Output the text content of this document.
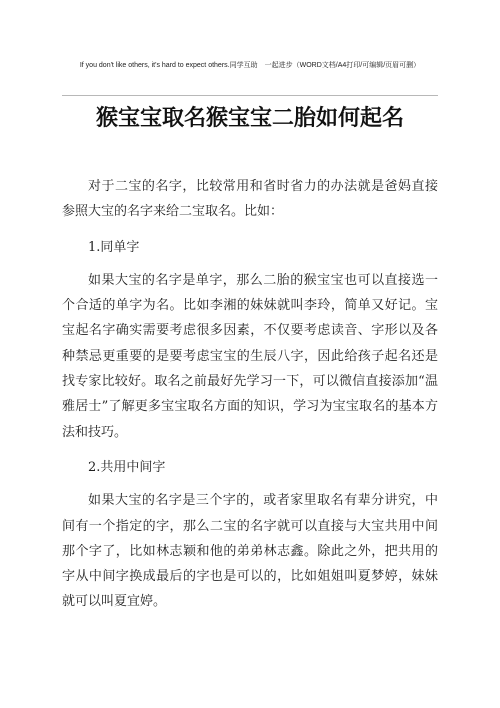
If you don't like others, it's hard to expect others.同学互助　一起进步（WORD文档/A4打印/可编辑/页眉可删）
猴宝宝取名猴宝宝二胎如何起名

对于二宝的名字，比较常用和省时省力的办法就是爸妈直接参照大宝的名字来给二宝取名。比如：

1.同单字

如果大宝的名字是单字，那么二胎的猴宝宝也可以直接选一个合适的单字为名。比如李湘的妹妹就叫李玲，简单又好记。宝宝起名字确实需要考虑很多因素，不仅要考虑读音、字形以及各种禁忌更重要的是要考虑宝宝的生辰八字，因此给孩子起名还是找专家比较好。取名之前最好先学习一下，可以微信直接添加“温雅居士”了解更多宝宝取名方面的知识，学习为宝宝取名的基本方法和技巧。

2.共用中间字

如果大宝的名字是三个字的，或者家里取名有辈分讲究，中间有一个指定的字，那么二宝的名字就可以直接与大宝共用中间那个字了，比如林志颖和他的弟弟林志鑫。除此之外，把共用的字从中间字换成最后的字也是可以的，比如姐姐叫夏梦婷，妹妹就可以叫夏宜婷。
